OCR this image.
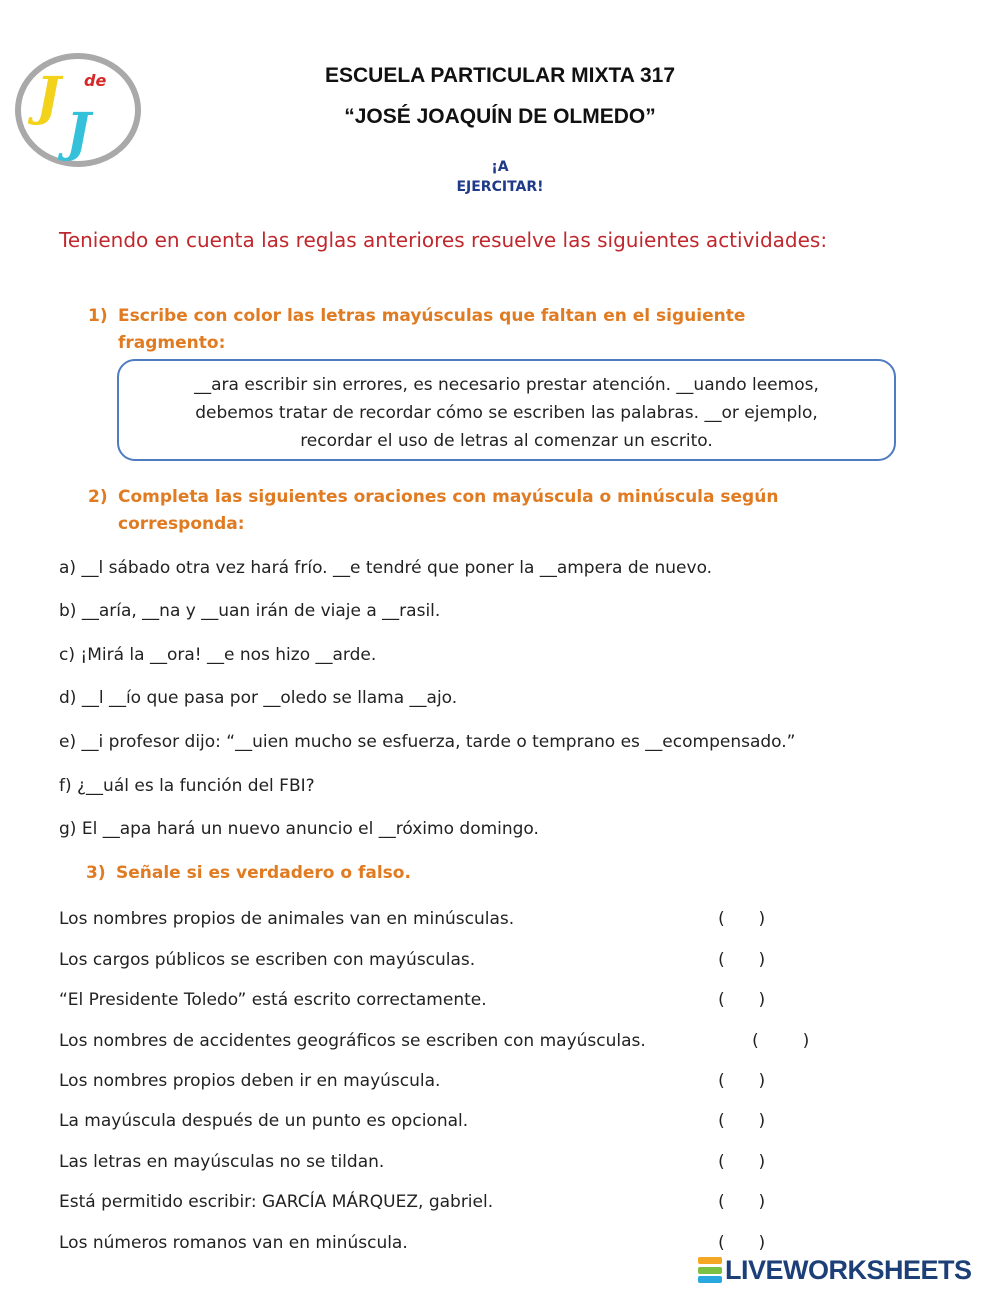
J de
J
ESCUELA PARTICULAR MIXTA 317
“JOSÉ JOAQUÍN DE OLMEDO”
¡A
EJERCITAR!
Teniendo en cuenta las reglas anteriores resuelve las siguientes actividades:
1) Escribe con color las letras mayúsculas que faltan en el siguiente
fragmento:
__ara escribir sin errores, es necesario prestar atención. __uando leemos,
debemos tratar de recordar cómo se escriben las palabras. __or ejemplo,
recordar el uso de letras al comenzar un escrito.
2) Completa las siguientes oraciones con mayúscula o minúscula según
corresponda:
a) __l sábado otra vez hará frío. __e tendré que poner la __ampera de nuevo.
b) __aría, __na y __uan irán de viaje a __rasil.
c) ¡Mirá la __ora! __e nos hizo __arde.
d) __l __ío que pasa por __oledo se llama __ajo.
e) __i profesor dijo: “__uien mucho se esfuerza, tarde o temprano es __ecompensado.”
f) ¿__uál es la función del FBI?
g) El __apa hará un nuevo anuncio el __róximo domingo.
3) Señale si es verdadero o falso.
Los nombres propios de animales van en minúsculas.	(   )
Los cargos públicos se escriben con mayúsculas.	(   )
“El Presidente Toledo” está escrito correctamente.	(   )
Los nombres de accidentes geográficos se escriben con mayúsculas.	(    )
Los nombres propios deben ir en mayúscula.	(   )
La mayúscula después de un punto es opcional.	(   )
Las letras en mayúsculas no se tildan.	(   )
Está permitido escribir: GARCÍA MÁRQUEZ, gabriel.	(   )
Los números romanos van en minúscula.	(   )
LIVEWORKSHEETS
